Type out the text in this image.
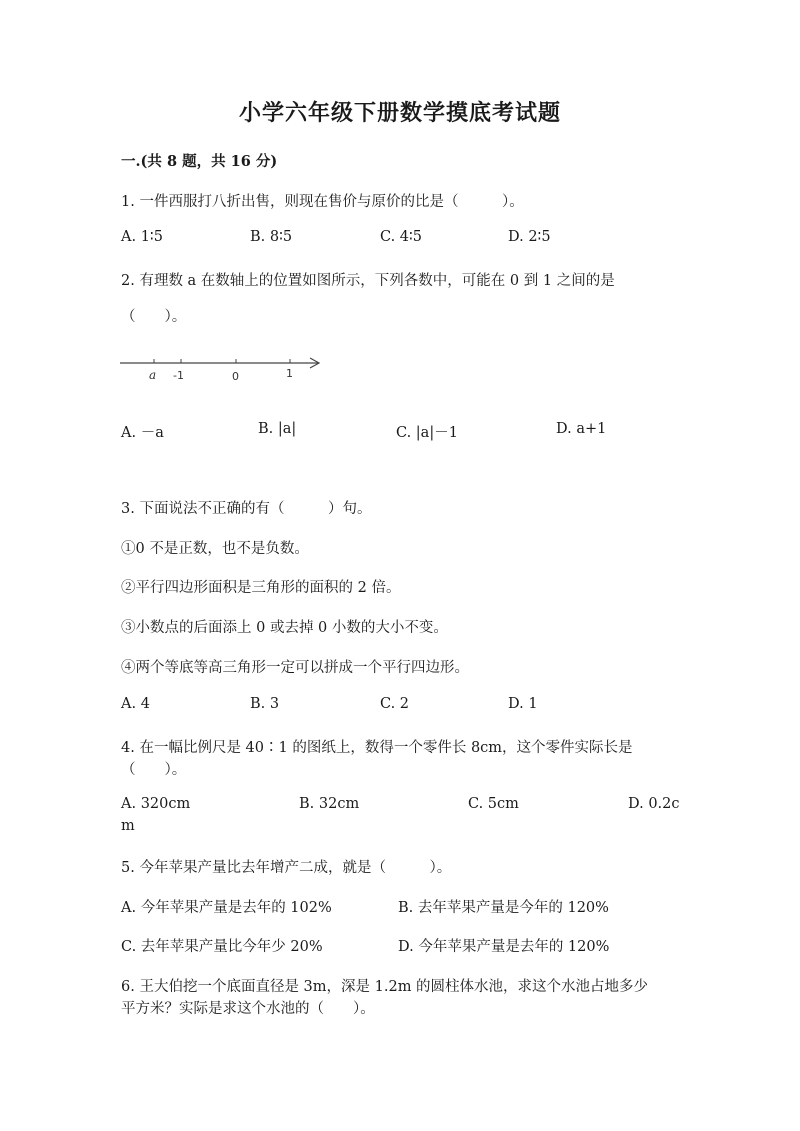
小学六年级下册数学摸底考试题
一.(共 8 题，共 16 分)
1. 一件西服打八折出售，则现在售价与原价的比是（　　　）。
A. 1∶5	B. 8∶5	C. 4∶5	D. 2∶5
2. 有理数 a 在数轴上的位置如图所示，下列各数中，可能在 0 到 1 之间的是
（　　）。
a -1	0	1
A. －a	B. |a|	C. |a|－1	D. a+1
3. 下面说法不正确的有（　　　）句。
①0 不是正数，也不是负数。
②平行四边形面积是三角形的面积的 2 倍。
③小数点的后面添上 0 或去掉 0 小数的大小不变。
④两个等底等高三角形一定可以拼成一个平行四边形。
A. 4	B. 3	C. 2	D. 1
4. 在一幅比例尺是 40∶1 的图纸上，数得一个零件长 8cm，这个零件实际长是
（　　）。
A. 320cm	B. 32cm	C. 5cm	D. 0.2c
m
5. 今年苹果产量比去年增产二成，就是（　　　）。
A. 今年苹果产量是去年的 102%	B. 去年苹果产量是今年的 120%
C. 去年苹果产量比今年少 20%	D. 今年苹果产量是去年的 120%
6. 王大伯挖一个底面直径是 3m，深是 1.2m 的圆柱体水池，求这个水池占地多少
平方米？实际是求这个水池的（　　）。
